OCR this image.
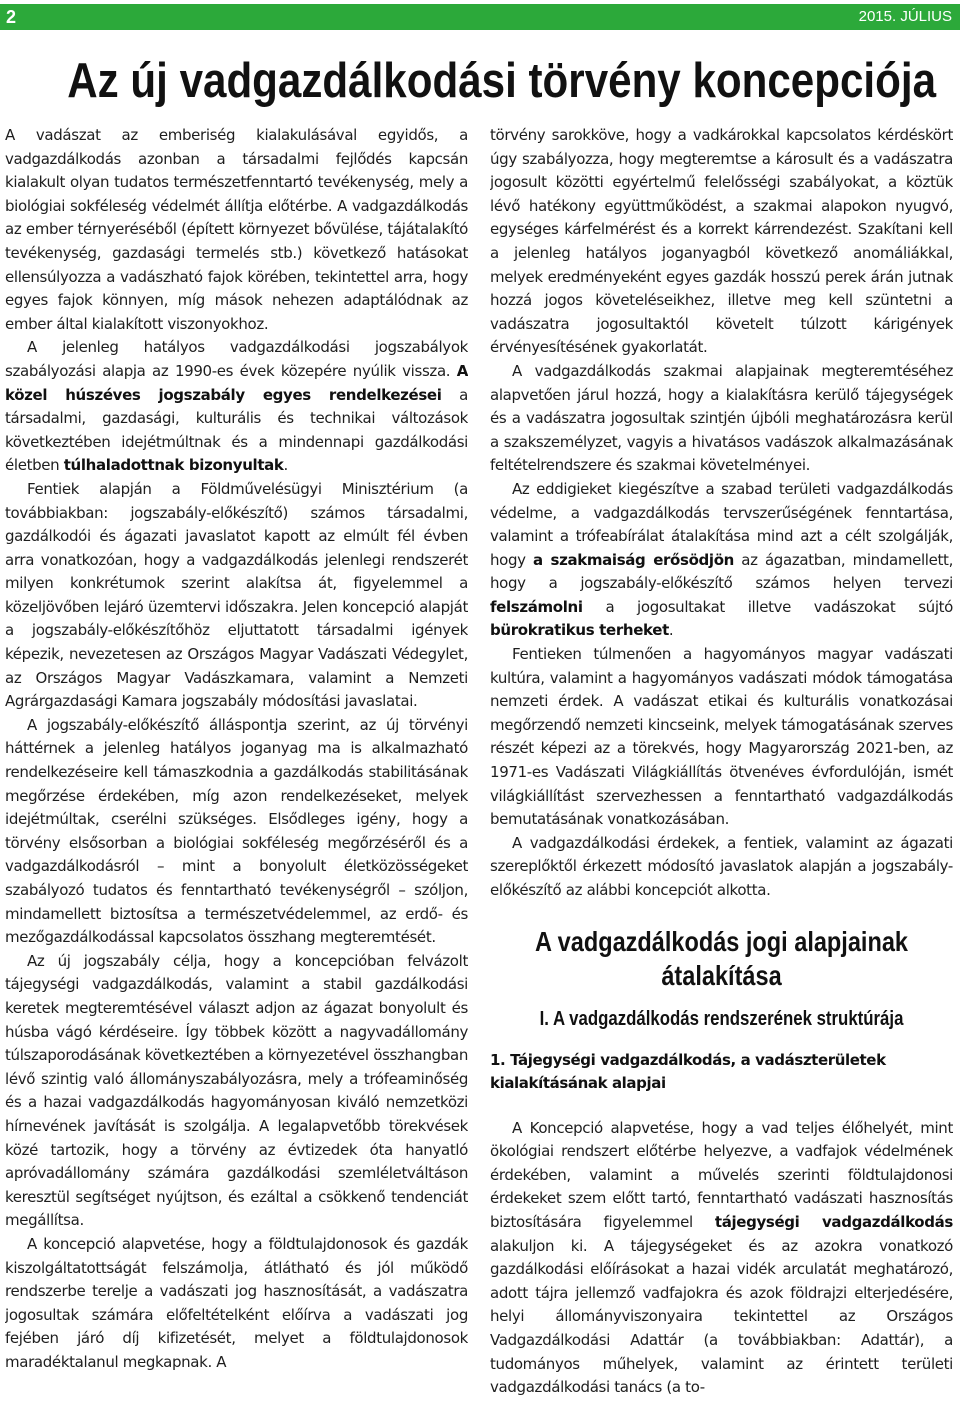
2	2015. JÚLIUS
Az új vadgazdálkodási törvény koncepciója

A vadászat az emberiség kialakulásával egyidős, a vadgazdálkodás azonban a társadalmi fejlődés kapcsán kialakult olyan tudatos természetfenntartó tevékenység, mely a biológiai sokféleség védelmét állítja előtérbe. A vadgazdálkodás az ember térnyeréséből (épített környezet bővülése, tájátalakító tevékenység, gazdasági termelés stb.) következő hatásokat ellensúlyozza a vadászható fajok körében, tekintettel arra, hogy egyes fajok könnyen, míg mások nehezen adaptálódnak az ember által kialakított viszonyokhoz.

A jelenleg hatályos vadgazdálkodási jogszabályok szabályozási alapja az 1990-es évek közepére nyúlik vissza. A közel húszéves jogszabály egyes rendelkezései a társadalmi, gazdasági, kulturális és technikai változások következtében idejétmúltnak és a mindennapi gazdálkodási életben túlhaladottnak bizonyultak.

Fentiek alapján a Földművelésügyi Minisztérium (a továbbiakban: jogszabály-előkészítő) számos társadalmi, gazdálkodói és ágazati javaslatot kapott az elmúlt fél évben arra vonatkozóan, hogy a vadgazdálkodás jelenlegi rendszerét milyen konkrétumok szerint alakítsa át, figyelemmel a közeljövőben lejáró üzemtervi időszakra. Jelen koncepció alapját a jogszabály-előkészítőhöz eljuttatott társadalmi igények képezik, nevezetesen az Országos Magyar Vadászati Védegylet, az Országos Magyar Vadászkamara, valamint a Nemzeti Agrárgazdasági Kamara jogszabály módosítási javaslatai.

A jogszabály-előkészítő álláspontja szerint, az új törvényi háttérnek a jelenleg hatályos joganyag ma is alkalmazható rendelkezéseire kell támaszkodnia a gazdálkodás stabilitásának megőrzése érdekében, míg azon rendelkezéseket, melyek idejétmúltak, cserélni szükséges. Elsődleges igény, hogy a törvény elsősorban a biológiai sokféleség megőrzéséről és a vadgazdálkodásról – mint a bonyolult életközösségeket szabályozó tudatos és fenntartható tevékenységről – szóljon, mindamellett biztosítsa a természetvédelemmel, az erdő- és mezőgazdálkodással kapcsolatos összhang megteremtését.

Az új jogszabály célja, hogy a koncepcióban felvázolt tájegységi vadgazdálkodás, valamint a stabil gazdálkodási keretek megteremtésével választ adjon az ágazat bonyolult és húsba vágó kérdéseire. Így többek között a nagyvadállomány túlszaporodásának következtében a környezetével összhangban lévő szintig való állományszabályozásra, mely a trófeaminőség és a hazai vadgazdálkodás hagyományosan kiváló nemzetközi hírnevének javítását is szolgálja. A legalapvetőbb törekvések közé tartozik, hogy a törvény az évtizedek óta hanyatló apróvadállomány számára gazdálkodási szemléletváltáson keresztül segítséget nyújtson, és ezáltal a csökkenő tendenciát megállítsa.

A koncepció alapvetése, hogy a földtulajdonosok és gazdák kiszolgáltatottságát felszámolja, átlátható és jól működő rendszerbe terelje a vadászati jog hasznosítását, a vadászatra jogosultak számára előfeltételként előírva a vadászati jog fejében járó díj kifizetését, melyet a földtulajdonosok maradéktalanul megkapnak. A

törvény sarokköve, hogy a vadkárokkal kapcsolatos kérdéskört úgy szabályozza, hogy megteremtse a károsult és a vadászatra jogosult közötti egyértelmű felelősségi szabályokat, a köztük lévő hatékony együttműködést, a szakmai alapokon nyugvó, egységes kárfelmérést és a korrekt kárrendezést. Szakítani kell a jelenleg hatályos joganyagból következő anomáliákkal, melyek eredményeként egyes gazdák hosszú perek árán jutnak hozzá jogos követeléseikhez, illetve meg kell szüntetni a vadászatra jogosultaktól követelt túlzott kárigények érvényesítésének gyakorlatát.

A vadgazdálkodás szakmai alapjainak megteremtéséhez alapvetően járul hozzá, hogy a kialakításra kerülő tájegységek és a vadászatra jogosultak szintjén újbóli meghatározásra kerül a szakszemélyzet, vagyis a hivatásos vadászok alkalmazásának feltételrendszere és szakmai követelményei.

Az eddigieket kiegészítve a szabad területi vadgazdálkodás védelme, a vadgazdálkodás tervszerűségének fenntartása, valamint a trófeabírálat átalakítása mind azt a célt szolgálják, hogy a szakmaiság erősödjön az ágazatban, mindamellett, hogy a jogszabály-előkészítő számos helyen tervezi felszámolni a jogosultakat illetve vadászokat sújtó bürokratikus terheket.

Fentieken túlmenően a hagyományos magyar vadászati kultúra, valamint a hagyományos vadászati módok támogatása nemzeti érdek. A vadászat etikai és kulturális vonatkozásai megőrzendő nemzeti kincseink, melyek támogatásának szerves részét képezi az a törekvés, hogy Magyarország 2021-ben, az 1971-es Vadászati Világkiállítás ötvenéves évfordulóján, ismét világkiállítást szervezhessen a fenntartható vadgazdálkodás bemutatásának vonatkozásában.

A vadgazdálkodási érdekek, a fentiek, valamint az ágazati szereplőktől érkezett módosító javaslatok alapján a jogszabály-előkészítő az alábbi koncepciót alkotta.

A vadgazdálkodás jogi alapjainak átalakítása
I. A vadgazdálkodás rendszerének struktúrája
1. Tájegységi vadgazdálkodás, a vadászterületek kialakításának alapjai

A Koncepció alapvetése, hogy a vad teljes élőhelyét, mint ökológiai rendszert előtérbe helyezve, a vadfajok védelmének érdekében, valamint a művelés szerinti földtulajdonosi érdekeket szem előtt tartó, fenntartható vadászati hasznosítás biztosítására figyelemmel tájegységi vadgazdálkodás alakuljon ki. A tájegységeket és az azokra vonatkozó gazdálkodási előírásokat a hazai vidék arculatát meghatározó, adott tájra jellemző vadfajokra és azok földrajzi elterjedésére, helyi állományviszonyaira tekintettel az Országos Vadgazdálkodási Adattár (a továbbiakban: Adattár), a tudományos műhelyek, valamint az érintett területi vadgazdálkodási tanács (a to-
